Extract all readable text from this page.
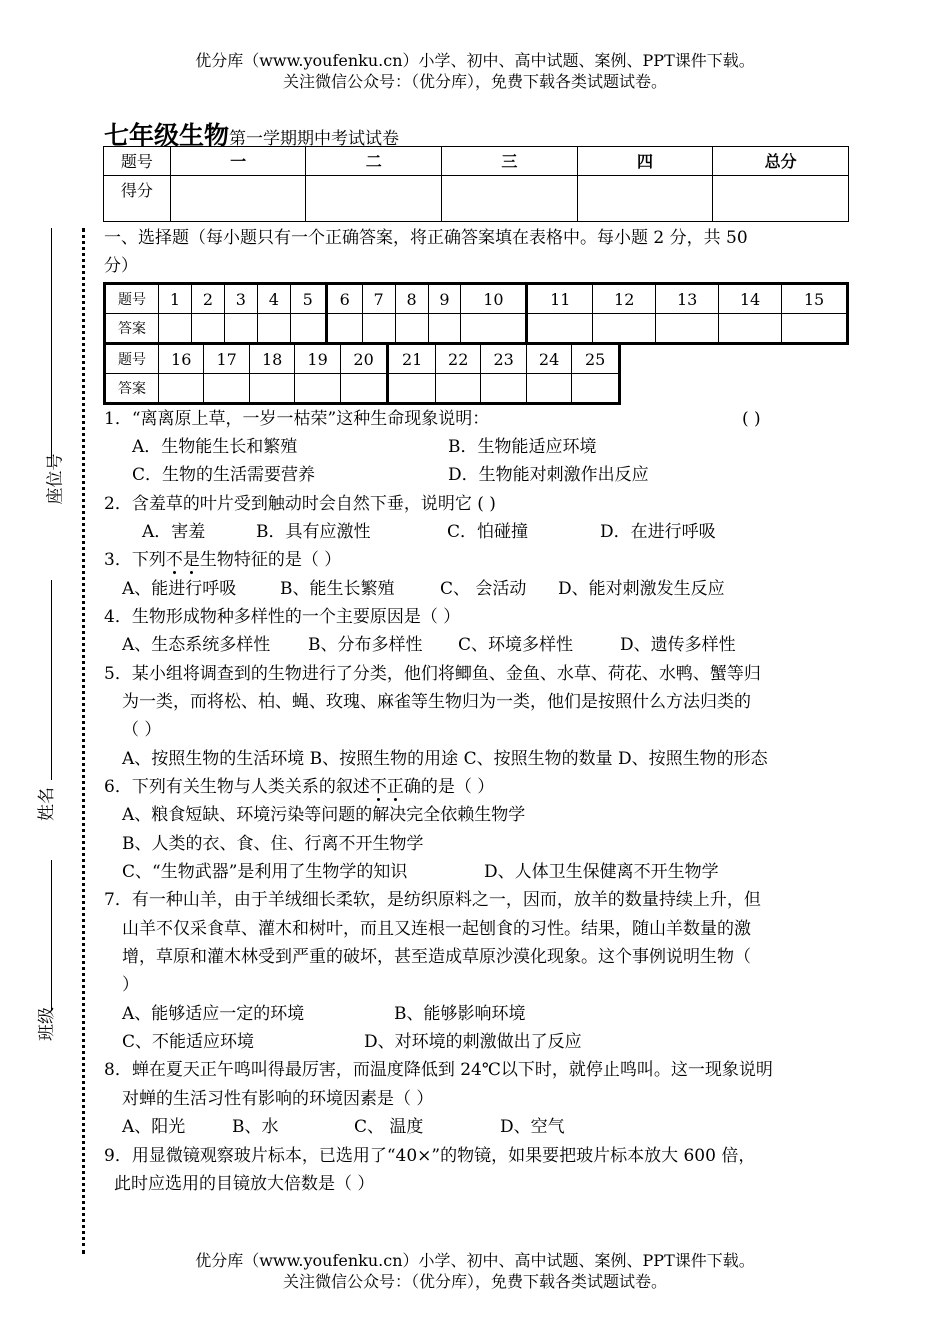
优分库（www.youfenku.cn）小学、初中、高中试题、案例、PPT课件下载。
关注微信公众号：（优分库），免费下载各类试题试卷。
座位号
姓名
班级
七年级生物第一学期期中考试试卷
题号	一	二	三	四	总分
得分					
一、选择题（每小题只有一个正确答案，将正确答案填在表格中。每小题 2 分，共 50
分）
题号	1	2	3	4	5	6	7	8	9	10	11	12	13	14	15
答案															
题号	16	17	18	19	20	21	22	23	24	25
答案										
1．“离离原上草，一岁一枯荣”这种生命现象说明：	( )
A．生物能生长和繁殖	B．生物能适应环境
C．生物的生活需要营养	D．生物能对刺激作出反应
2．含羞草的叶片受到触动时会自然下垂，说明它 ( )
A．害羞	B．具有应激性	C．怕碰撞	D．在进行呼吸
3．下列不是生物特征的是（ ）
A、能进行呼吸	B、能生长繁殖	C、 会活动 D、能对刺激发生反应
4．生物形成物种多样性的一个主要原因是（ ）
A、生态系统多样性 B、分布多样性 C、环境多样性	D、遗传多样性
5．某小组将调查到的生物进行了分类，他们将鲫鱼、金鱼、水草、荷花、水鸭、蟹等归
为一类，而将松、柏、蝇、玫瑰、麻雀等生物归为一类，他们是按照什么方法归类的
（ ）
A、按照生物的生活环境 B、按照生物的用途 C、按照生物的数量 D、按照生物的形态
6．下列有关生物与人类关系的叙述不正确的是（ ）
A、粮食短缺、环境污染等问题的解决完全依赖生物学
B、人类的衣、食、住、行离不开生物学
C、“生物武器”是利用了生物学的知识	D、人体卫生保健离不开生物学
7．有一种山羊，由于羊绒细长柔软，是纺织原料之一，因而，放羊的数量持续上升，但
山羊不仅采食草、灌木和树叶，而且又连根一起刨食的习性。结果，随山羊数量的激
增，草原和灌木林受到严重的破坏，甚至造成草原沙漠化现象。这个事例说明生物（
）
A、能够适应一定的环境	B、能够影响环境
C、不能适应环境	D、对环境的刺激做出了反应
8．蝉在夏天正午鸣叫得最厉害，而温度降低到 24℃以下时，就停止鸣叫。这一现象说明
对蝉的生活习性有影响的环境因素是（ ）
A、阳光	B、水	C、 温度	D、空气
9．用显微镜观察玻片标本，已选用了“40×”的物镜，如果要把玻片标本放大 600 倍，
此时应选用的目镜放大倍数是（ ）
优分库（www.youfenku.cn）小学、初中、高中试题、案例、PPT课件下载。
关注微信公众号：（优分库），免费下载各类试题试卷。
